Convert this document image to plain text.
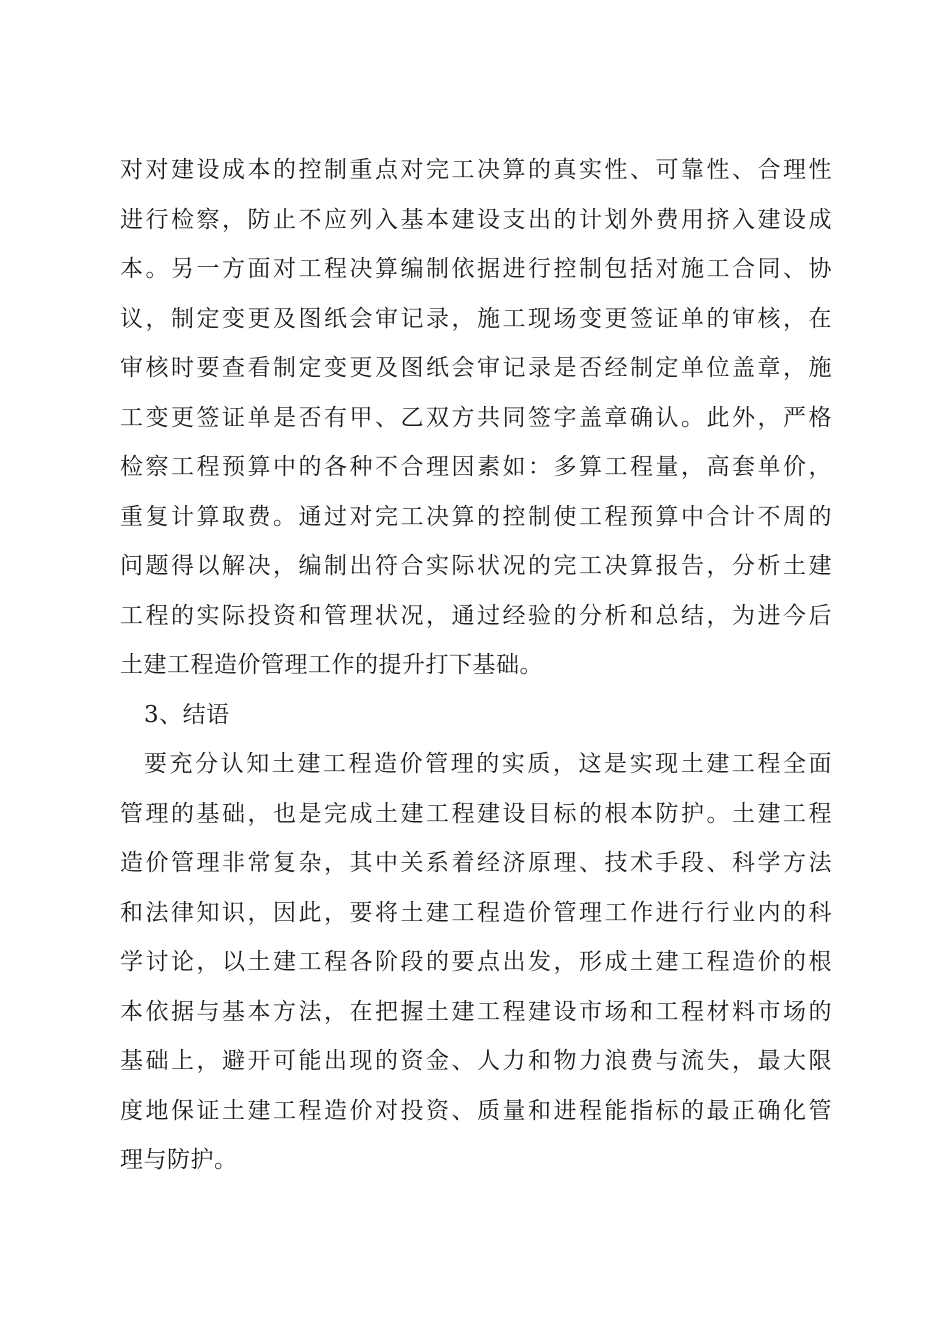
对对建设成本的控制重点对完工决算的真实性、可靠性、合理性
进行检察，防止不应列入基本建设支出的计划外费用挤入建设成
本。另一方面对工程决算编制依据进行控制包括对施工合同、协
议，制定变更及图纸会审记录，施工现场变更签证单的审核，在
审核时要查看制定变更及图纸会审记录是否经制定单位盖章，施
工变更签证单是否有甲、乙双方共同签字盖章确认。此外，严格
检察工程预算中的各种不合理因素如：多算工程量，高套单价，
重复计算取费。通过对完工决算的控制使工程预算中合计不周的
问题得以解决，编制出符合实际状况的完工决算报告，分析土建
工程的实际投资和管理状况，通过经验的分析和总结，为进今后
土建工程造价管理工作的提升打下基础。
3、结语
要充分认知土建工程造价管理的实质，这是实现土建工程全面
管理的基础，也是完成土建工程建设目标的根本防护。土建工程
造价管理非常复杂，其中关系着经济原理、技术手段、科学方法
和法律知识，因此，要将土建工程造价管理工作进行行业内的科
学讨论，以土建工程各阶段的要点出发，形成土建工程造价的根
本依据与基本方法，在把握土建工程建设市场和工程材料市场的
基础上，避开可能出现的资金、人力和物力浪费与流失，最大限
度地保证土建工程造价对投资、质量和进程能指标的最正确化管
理与防护。
